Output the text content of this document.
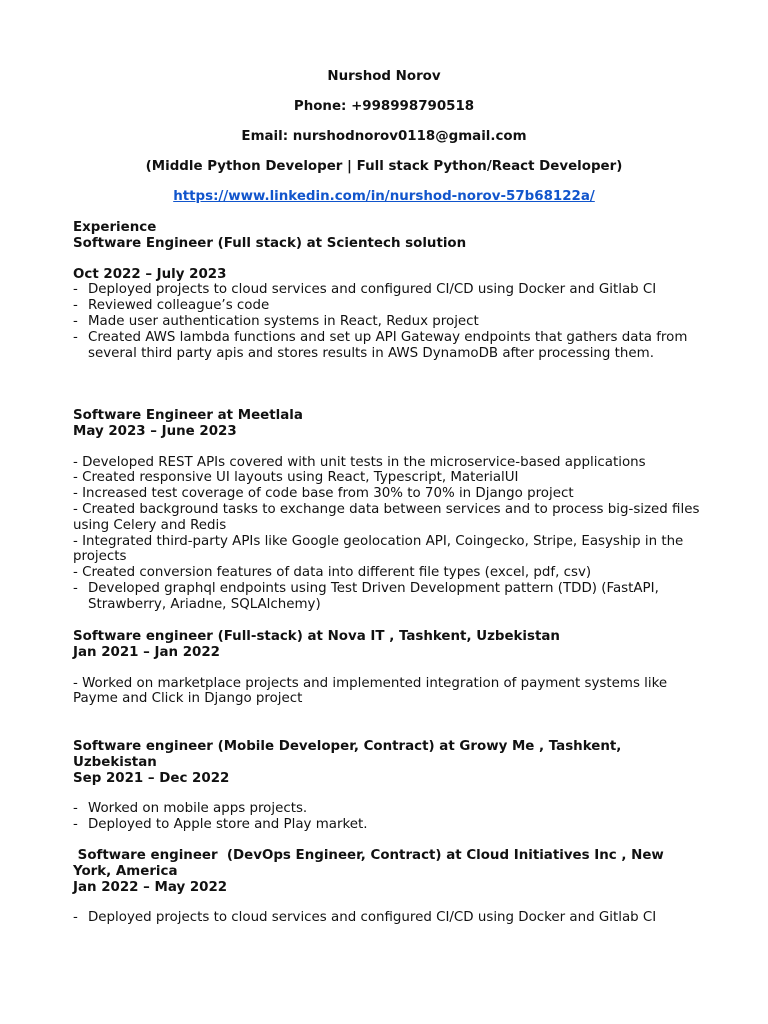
Nurshod Norov
Phone: +998998790518
Email: nurshodnorov0118@gmail.com
(Middle Python Developer | Full stack Python/React Developer)
https://www.linkedin.com/in/nurshod-norov-57b68122a/
Experience
Software Engineer (Full stack) at Scientech solution
Oct 2022 – July 2023
- Deployed projects to cloud services and configured CI/CD using Docker and Gitlab CI
- Reviewed colleague’s code
- Made user authentication systems in React, Redux project
- Created AWS lambda functions and set up API Gateway endpoints that gathers data from several third party apis and stores results in AWS DynamoDB after processing them.
Software Engineer at Meetlala
May 2023 – June 2023
- Developed REST APIs covered with unit tests in the microservice-based applications
- Created responsive UI layouts using React, Typescript, MaterialUI
- Increased test coverage of code base from 30% to 70% in Django project
- Created background tasks to exchange data between services and to process big-sized files using Celery and Redis
- Integrated third-party APIs like Google geolocation API, Coingecko, Stripe, Easyship in the projects
- Created conversion features of data into different file types (excel, pdf, csv)
- Developed graphql endpoints using Test Driven Development pattern (TDD) (FastAPI, Strawberry, Ariadne, SQLAlchemy)
Software engineer (Full-stack) at Nova IT , Tashkent, Uzbekistan
Jan 2021 – Jan 2022
- Worked on marketplace projects and implemented integration of payment systems like Payme and Click in Django project
Software engineer (Mobile Developer, Contract) at Growy Me , Tashkent, Uzbekistan
Sep 2021 – Dec 2022
- Worked on mobile apps projects.
- Deployed to Apple store and Play market.
Software engineer  (DevOps Engineer, Contract) at Cloud Initiatives Inc , New York, America
Jan 2022 – May 2022
- Deployed projects to cloud services and configured CI/CD using Docker and Gitlab CI
